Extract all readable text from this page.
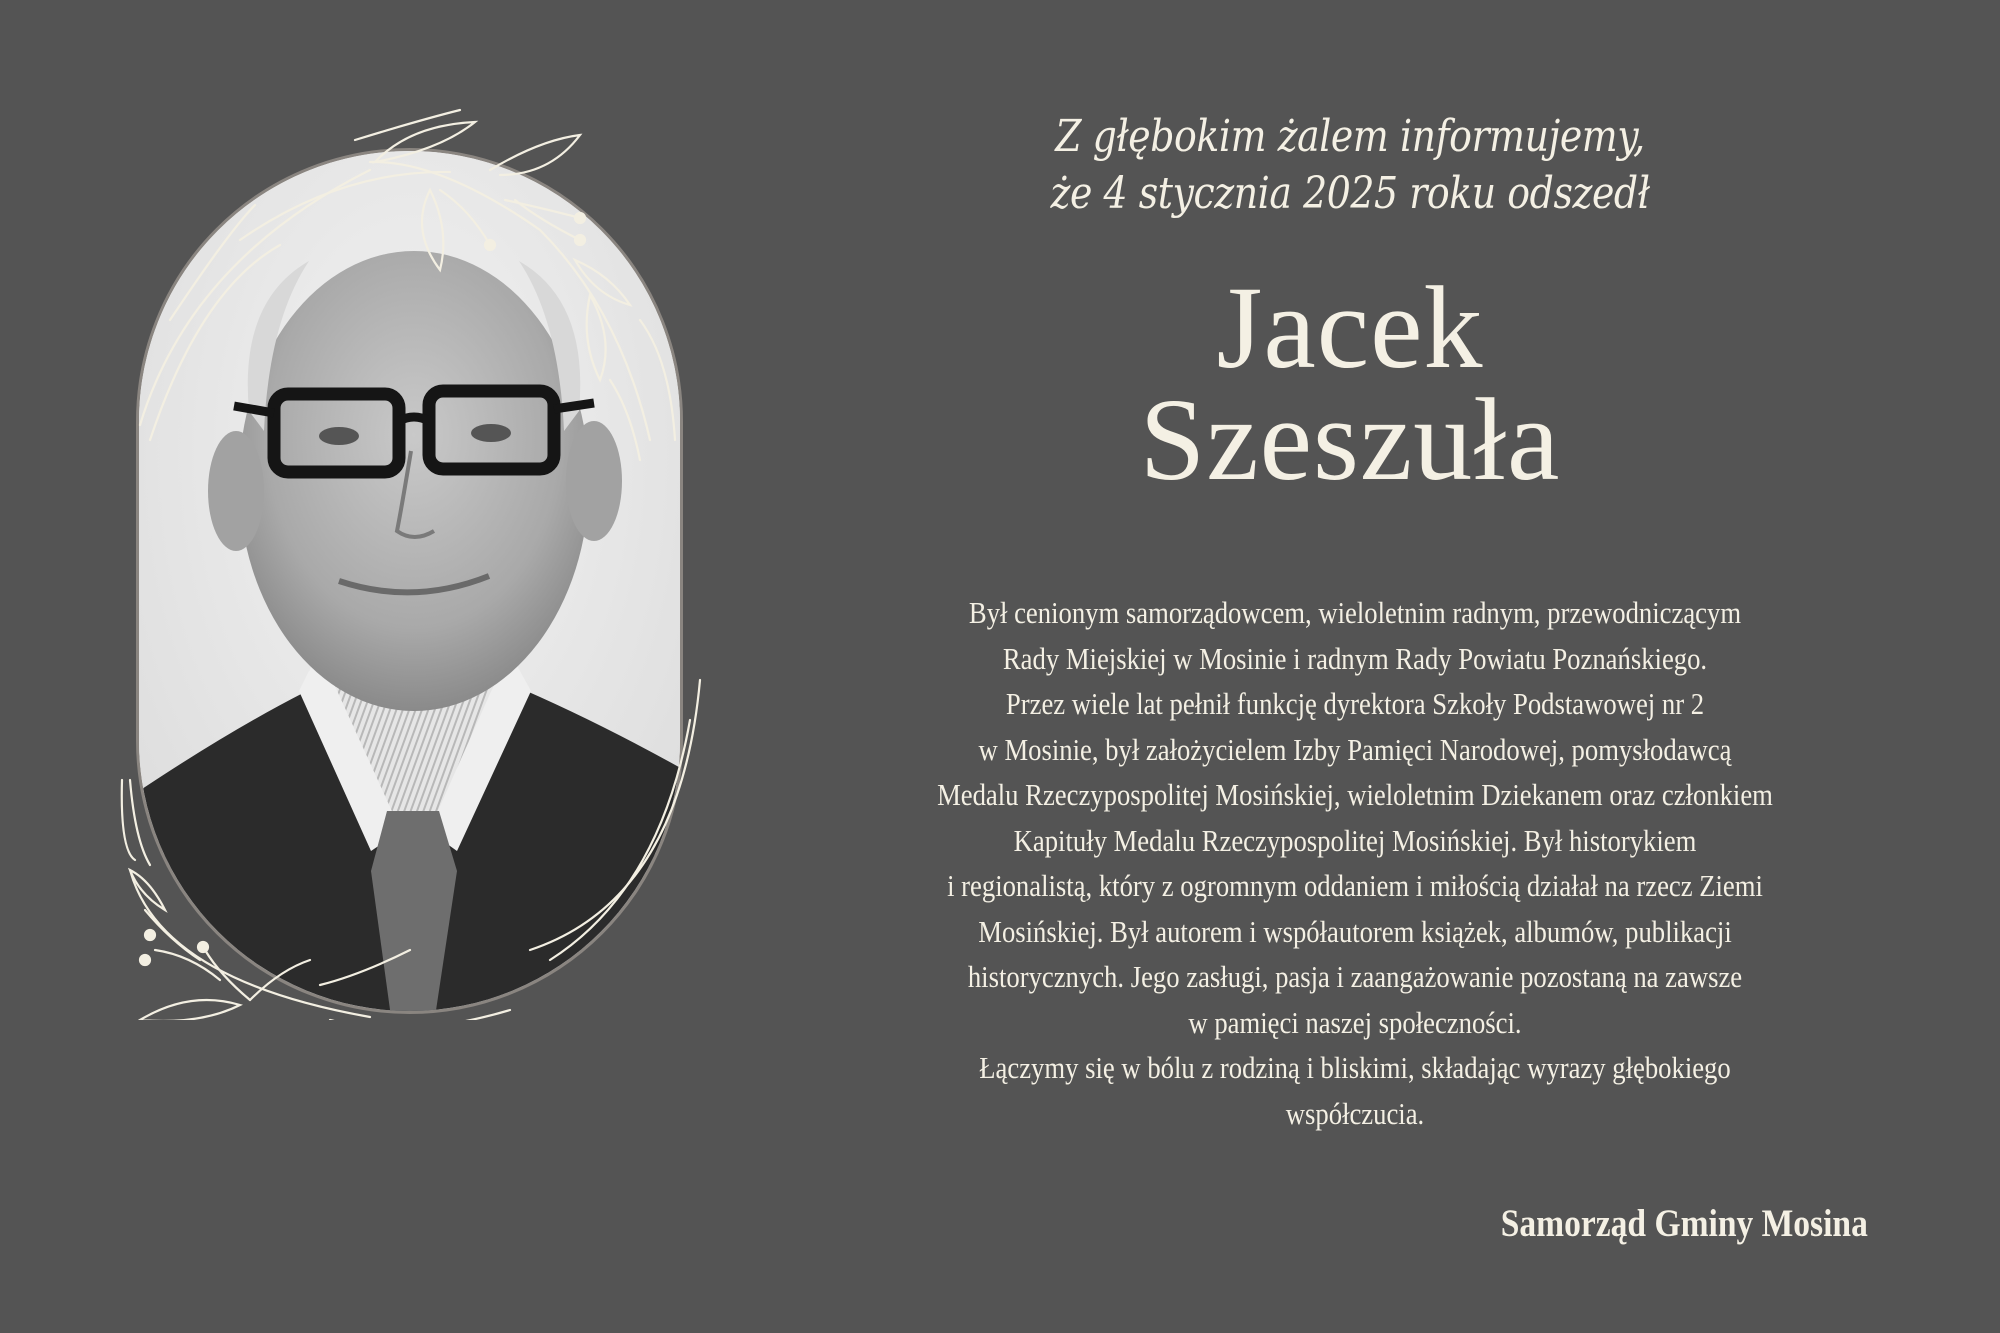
Z głębokim żalem informujemy,
że 4 stycznia 2025 roku odszedł
Jacek
Szeszuła
Był cenionym samorządowcem, wieloletnim radnym, przewodniczącym
Rady Miejskiej w Mosinie i radnym Rady Powiatu Poznańskiego.
Przez wiele lat pełnił funkcję dyrektora Szkoły Podstawowej nr 2
w Mosinie, był założycielem Izby Pamięci Narodowej, pomysłodawcą
Medalu Rzeczypospolitej Mosińskiej, wieloletnim Dziekanem oraz członkiem
Kapituły Medalu Rzeczypospolitej Mosińskiej. Był historykiem
i regionalistą, który z ogromnym oddaniem i miłością działał na rzecz Ziemi
Mosińskiej. Był autorem i współautorem książek, albumów, publikacji
historycznych. Jego zasługi, pasja i zaangażowanie pozostaną na zawsze
w pamięci naszej społeczności.
Łączymy się w bólu z rodziną i bliskimi, składając wyrazy głębokiego
współczucia.
Samorząd Gminy Mosina
